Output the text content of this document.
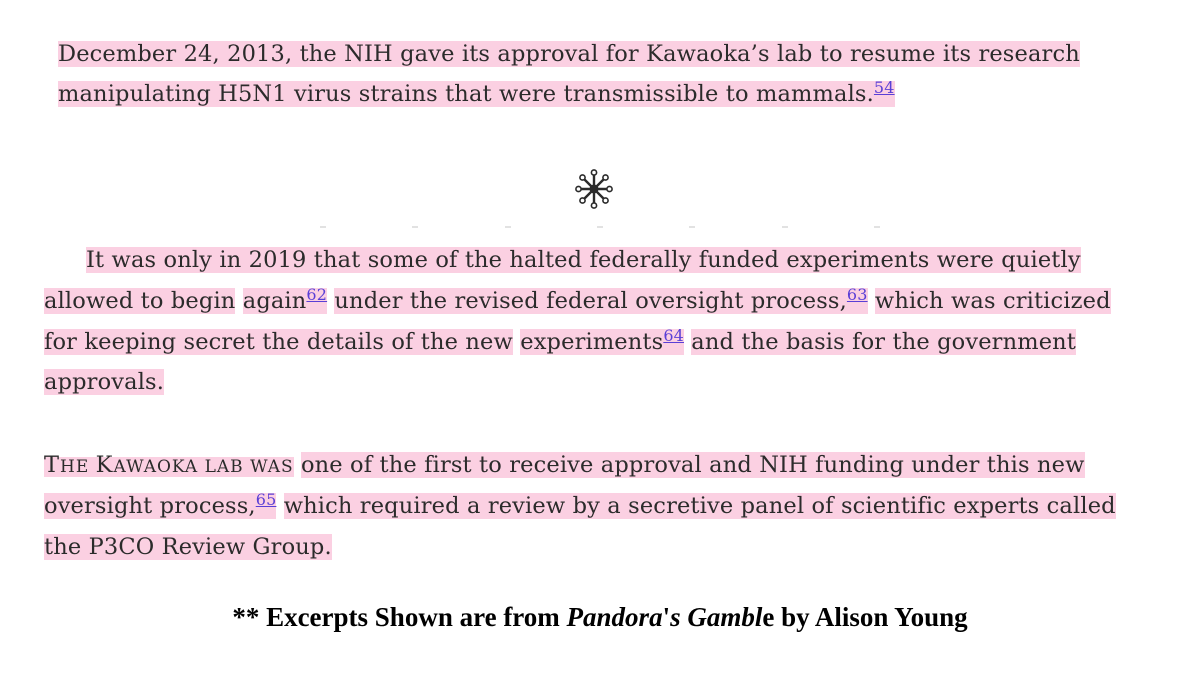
December 24, 2013, the NIH gave its approval for Kawaoka’s lab to resume its research
manipulating H5N1 virus strains that were transmissible to mammals.$^{54}$
It was only in 2019 that some of the halted federally funded experiments were quietly
allowed to begin again$^{62}$ under the revised federal oversight process,$^{63}$ which was criticized
for keeping secret the details of the new experiments$^{64}$ and the basis for the government
approvals.
THE KAWAOKA LAB WAS one of the first to receive approval and NIH funding under this new
oversight process,$^{65}$ which required a review by a secretive panel of scientific experts called
the P3CO Review Group.
** Excerpts Shown are from Pandora's Gamble by Alison Young
